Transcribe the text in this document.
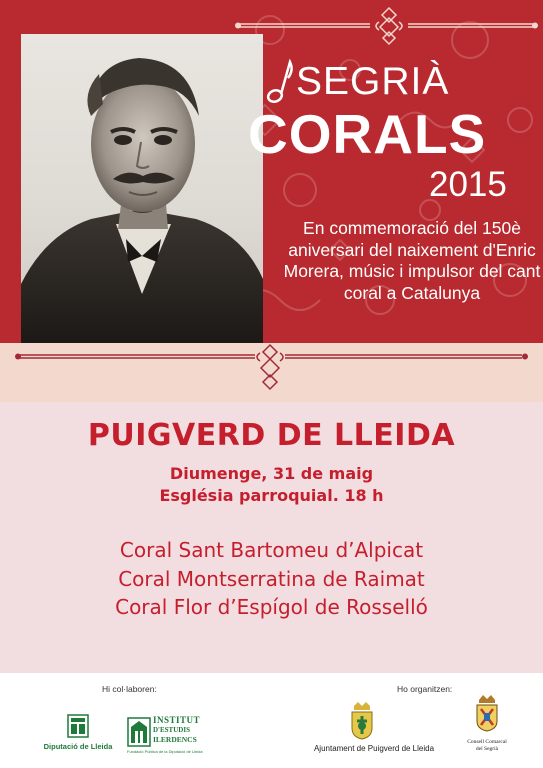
SEGRIÀ
CORALS
2015
En commemoració del 150è aniversari del naixement d'Enric Morera, músic i impulsor del cant coral a Catalunya
PUIGVERD DE LLEIDA
Diumenge, 31 de maig
Església parroquial. 18 h
Coral Sant Bartomeu d’Alpicat
Coral Montserratina de Raimat
Coral Flor d’Espígol de Rosselló
Hi col·laboren:	Ho organitzen:
Diputació de Lleida
INSTITUT
D'ESTUDIS
ILERDENCS
Fundació Pública de la Diputació de Lleida	Ajuntament de Puigverd de Lleida
Consell Comarcal
del Segrià
